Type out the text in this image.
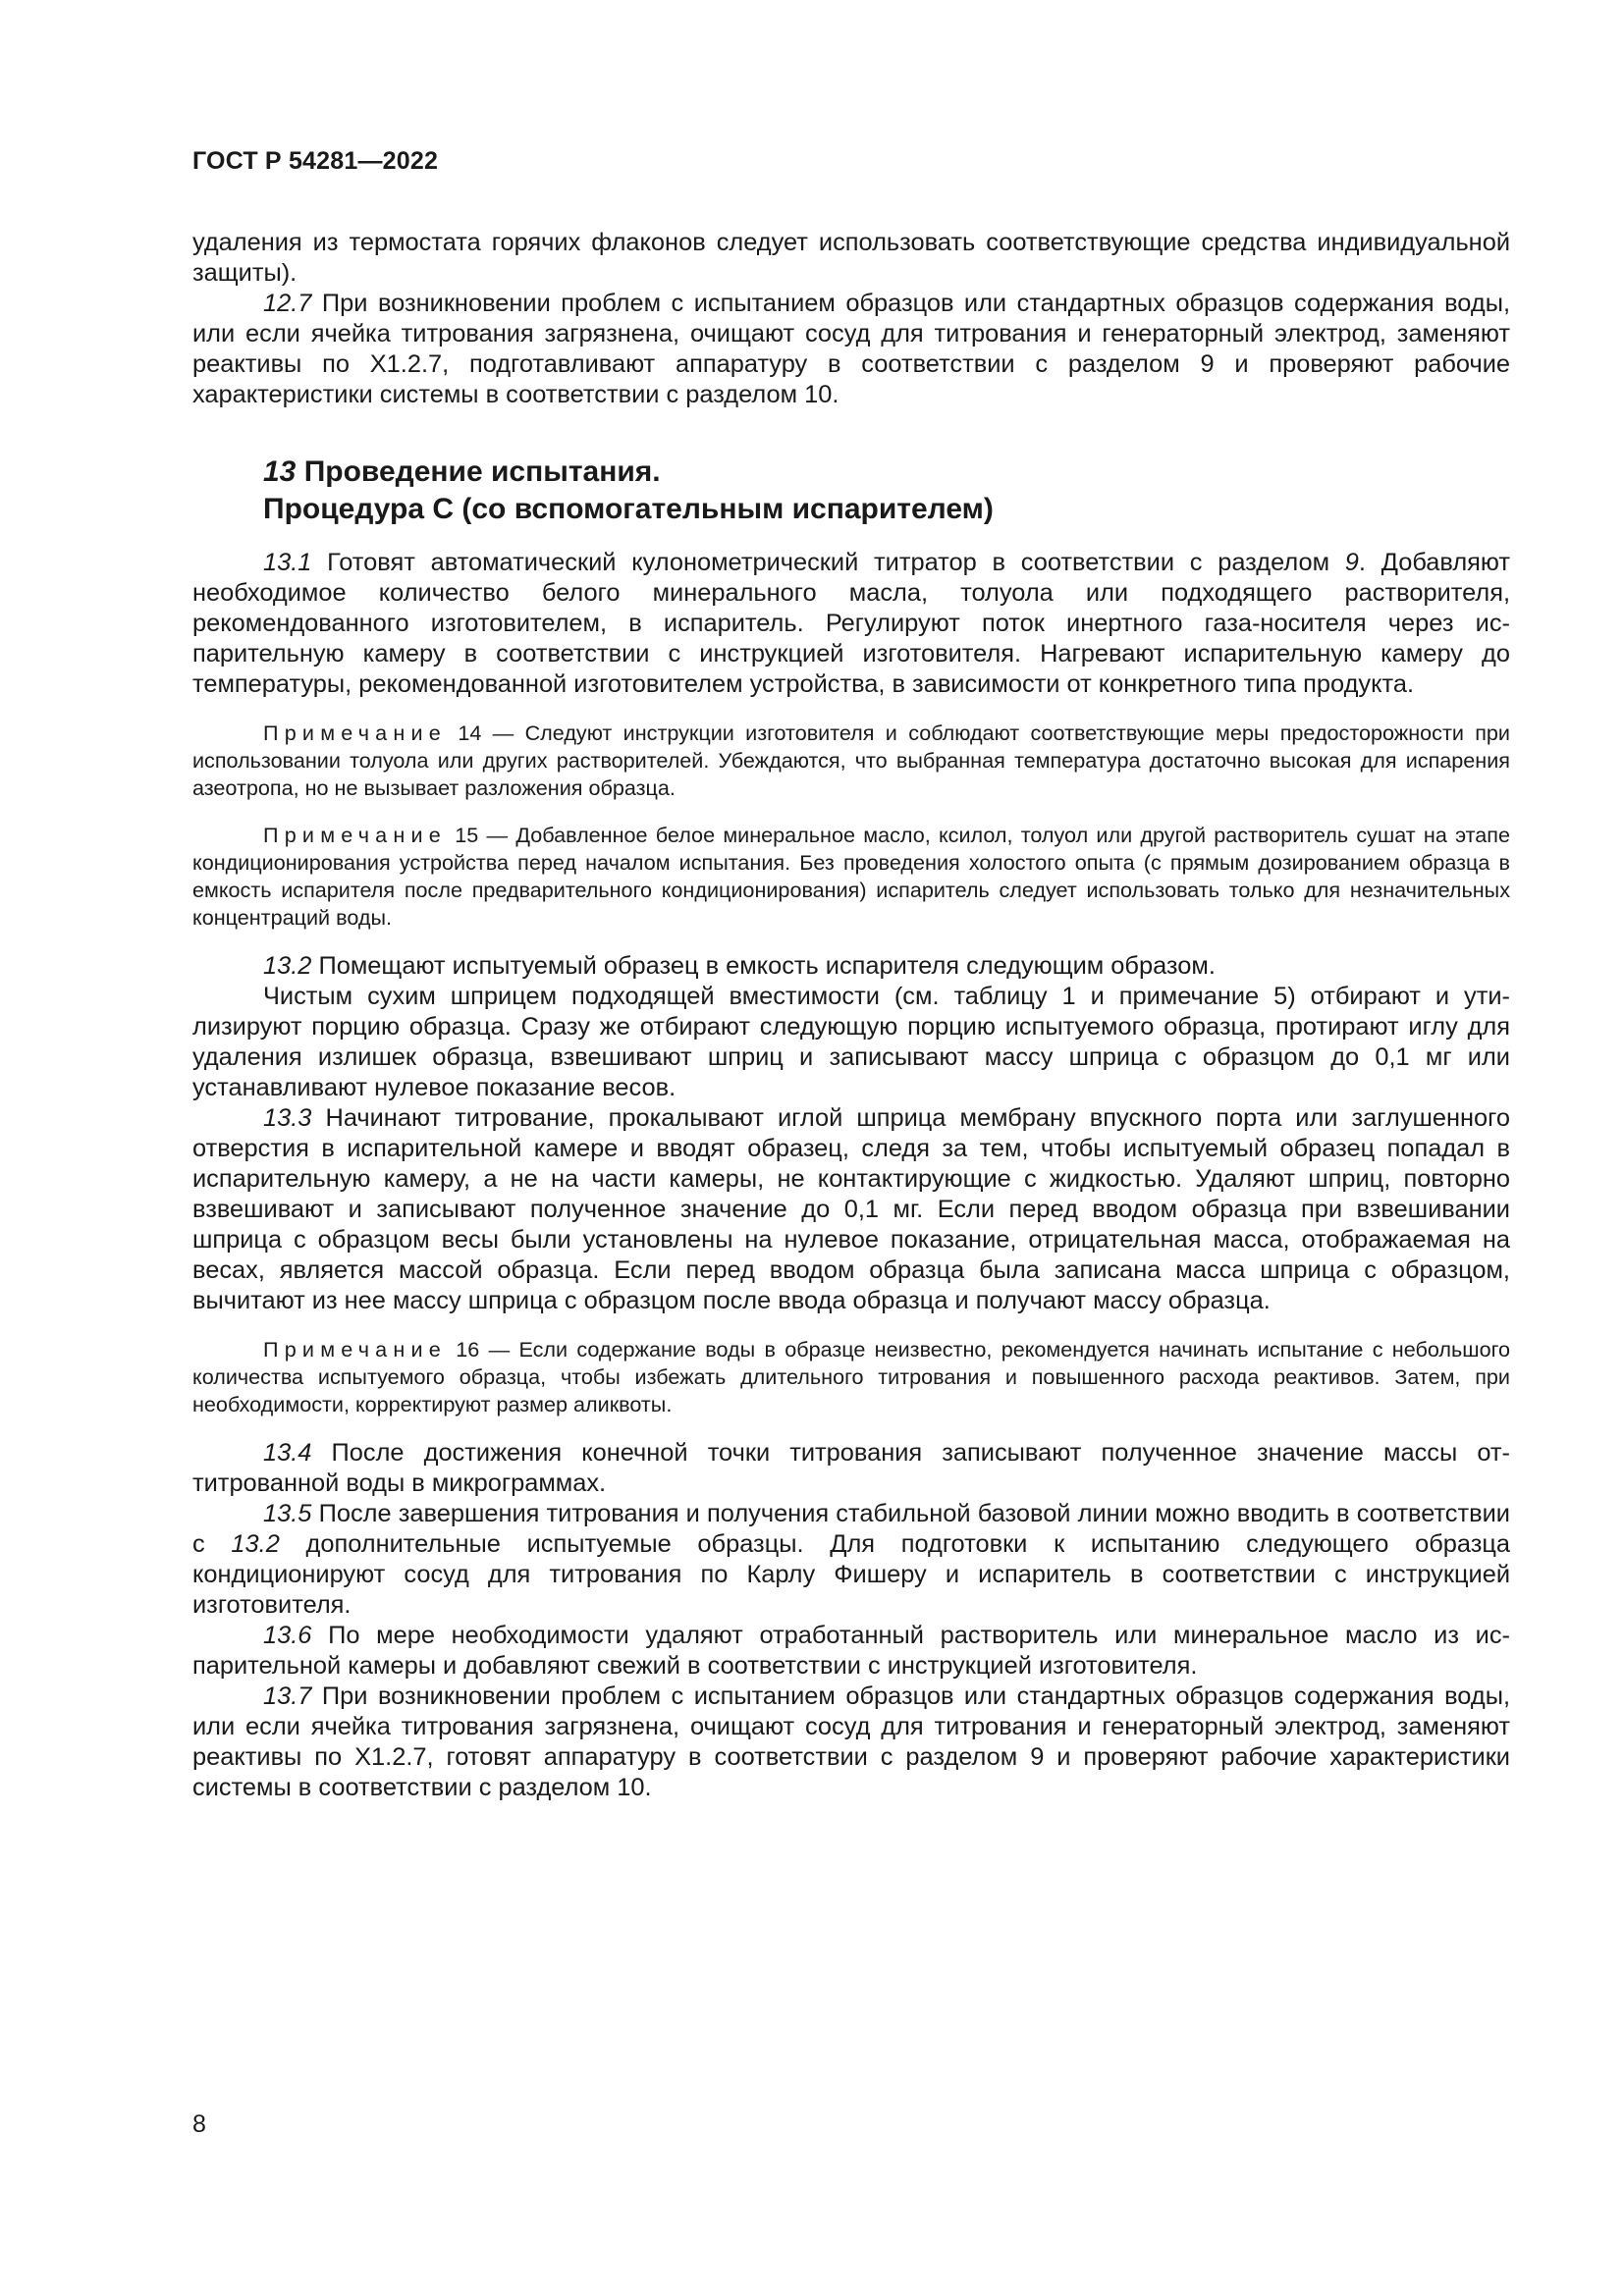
ГОСТ Р 54281—2022

удаления из термостата горячих флаконов следует использовать соответствующие средства индивидуальной защиты).

12.7 При возникновении проблем с испытанием образцов или стандартных образцов содержания воды, или если ячейка титрования загрязнена, очищают сосуд для титрования и генераторный электрод, заменяют реактивы по X1.2.7, подготавливают аппаратуру в соответствии с разделом 9 и проверяют рабочие характеристики системы в соответствии с разделом 10.

13 Проведение испытания.
Процедура С (со вспомогательным испарителем)

13.1 Готовят автоматический кулонометрический титратор в соответствии с разделом 9. Добавляют необходимое количество белого минерального масла, толуола или подходящего растворителя, рекомендованного изготовителем, в испаритель. Регулируют поток инертного газа-носителя через испарительную камеру в соответствии с инструкцией изготовителя. Нагревают испарительную камеру до температуры, рекомендованной изготовителем устройства, в зависимости от конкретного типа продукта.

Примечание 14 — Следуют инструкции изготовителя и соблюдают соответствующие меры предосторожности при использовании толуола или других растворителей. Убеждаются, что выбранная температура достаточно высокая для испарения азеотропа, но не вызывает разложения образца.

Примечание 15 — Добавленное белое минеральное масло, ксилол, толуол или другой растворитель сушат на этапе кондиционирования устройства перед началом испытания. Без проведения холостого опыта (с прямым дозированием образца в емкость испарителя после предварительного кондиционирования) испаритель следует использовать только для незначительных концентраций воды.

13.2 Помещают испытуемый образец в емкость испарителя следующим образом.

Чистым сухим шприцем подходящей вместимости (см. таблицу 1 и примечание 5) отбирают и утилизируют порцию образца. Сразу же отбирают следующую порцию испытуемого образца, протирают иглу для удаления излишек образца, взвешивают шприц и записывают массу шприца с образцом до 0,1 мг или устанавливают нулевое показание весов.

13.3 Начинают титрование, прокалывают иглой шприца мембрану впускного порта или заглушенного отверстия в испарительной камере и вводят образец, следя за тем, чтобы испытуемый образец попадал в испарительную камеру, а не на части камеры, не контактирующие с жидкостью. Удаляют шприц, повторно взвешивают и записывают полученное значение до 0,1 мг. Если перед вводом образца при взвешивании шприца с образцом весы были установлены на нулевое показание, отрицательная масса, отображаемая на весах, является массой образца. Если перед вводом образца была записана масса шприца с образцом, вычитают из нее массу шприца с образцом после ввода образца и получают массу образца.

Примечание 16 — Если содержание воды в образце неизвестно, рекомендуется начинать испытание с небольшого количества испытуемого образца, чтобы избежать длительного титрования и повышенного расхода реактивов. Затем, при необходимости, корректируют размер аликвоты.

13.4 После достижения конечной точки титрования записывают полученное значение массы оттитрованной воды в микрограммах.

13.5 После завершения титрования и получения стабильной базовой линии можно вводить в соответствии с 13.2 дополнительные испытуемые образцы. Для подготовки к испытанию следующего образца кондиционируют сосуд для титрования по Карлу Фишеру и испаритель в соответствии с инструкцией изготовителя.

13.6 По мере необходимости удаляют отработанный растворитель или минеральное масло из испарительной камеры и добавляют свежий в соответствии с инструкцией изготовителя.

13.7 При возникновении проблем с испытанием образцов или стандартных образцов содержания воды, или если ячейка титрования загрязнена, очищают сосуд для титрования и генераторный электрод, заменяют реактивы по X1.2.7, готовят аппаратуру в соответствии с разделом 9 и проверяют рабочие характеристики системы в соответствии с разделом 10.

8
